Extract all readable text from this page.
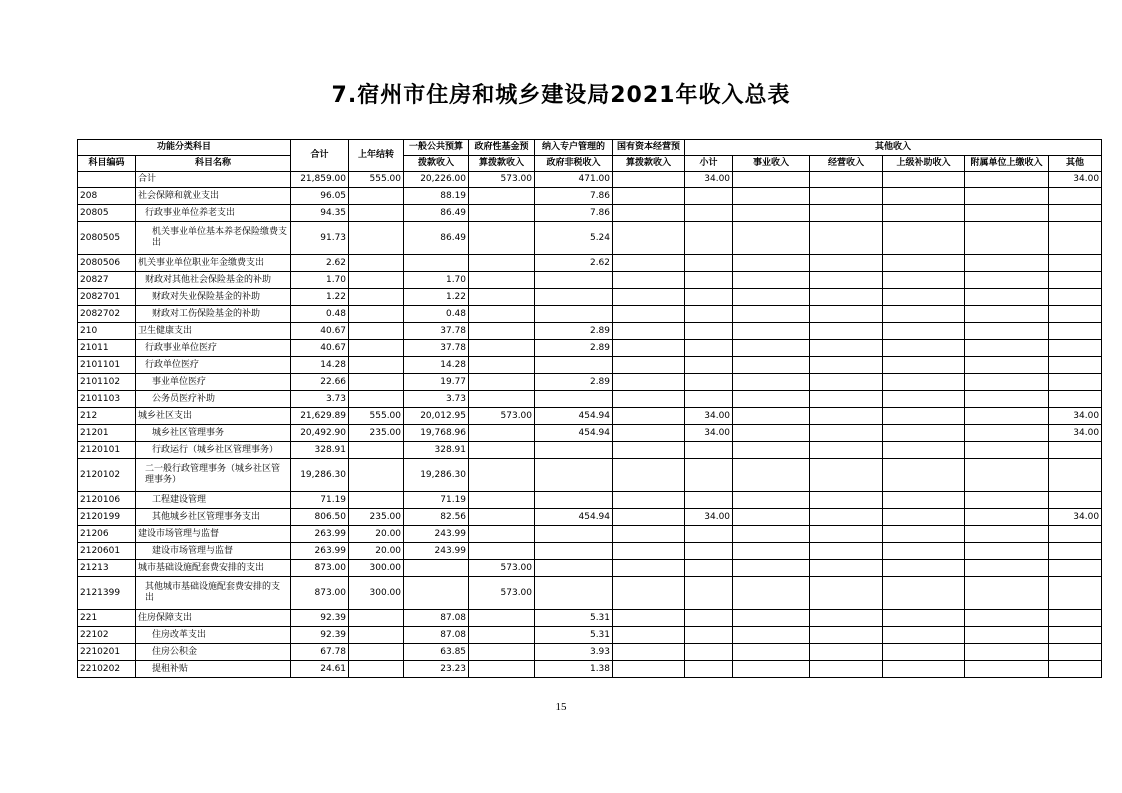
7.宿州市住房和城乡建设局2021年收入总表
功能分类科目		合计	上年结转	一般公共预算	政府性基金预	纳入专户管理的	国有资本经营预	其他收入					
科目编码	科目名称			拨款收入	算拨款收入	政府非税收入	算拨款收入	小计	事业收入	经营收入	上级补助收入	附属单位上缴收入	其他
	合计	21,859.00	555.00	20,226.00	573.00	471.00		34.00					34.00
208	社会保障和就业支出	96.05		88.19		7.86							
20805	行政事业单位养老支出	94.35		86.49		7.86							
2080505	机关事业单位基本养老保险缴费支出	91.73		86.49		5.24							
2080506	机关事业单位职业年金缴费支出	2.62				2.62							
20827	财政对其他社会保险基金的补助	1.70		1.70									
2082701	财政对失业保险基金的补助	1.22		1.22									
2082702	财政对工伤保险基金的补助	0.48		0.48									
210	卫生健康支出	40.67		37.78		2.89							
21011	行政事业单位医疗	40.67		37.78		2.89							
2101101	行政单位医疗	14.28		14.28									
2101102	事业单位医疗	22.66		19.77		2.89							
2101103	公务员医疗补助	3.73		3.73									
212	城乡社区支出	21,629.89	555.00	20,012.95	573.00	454.94		34.00					34.00
21201	城乡社区管理事务	20,492.90	235.00	19,768.96		454.94		34.00					34.00
2120101	行政运行（城乡社区管理事务）	328.91		328.91									
2120102	二一般行政管理事务（城乡社区管理事务）	19,286.30		19,286.30									
2120106	工程建设管理	71.19		71.19									
2120199	其他城乡社区管理事务支出	806.50	235.00	82.56		454.94		34.00					34.00
21206	建设市场管理与监督	263.99	20.00	243.99									
2120601	建设市场管理与监督	263.99	20.00	243.99									
21213	城市基础设施配套费安排的支出	873.00	300.00		573.00								
2121399	其他城市基础设施配套费安排的支出	873.00	300.00		573.00								
221	住房保障支出	92.39		87.08		5.31							
22102	住房改革支出	92.39		87.08		5.31							
2210201	住房公积金	67.78		63.85		3.93							
2210202	提租补贴	24.61		23.23		1.38							
15
